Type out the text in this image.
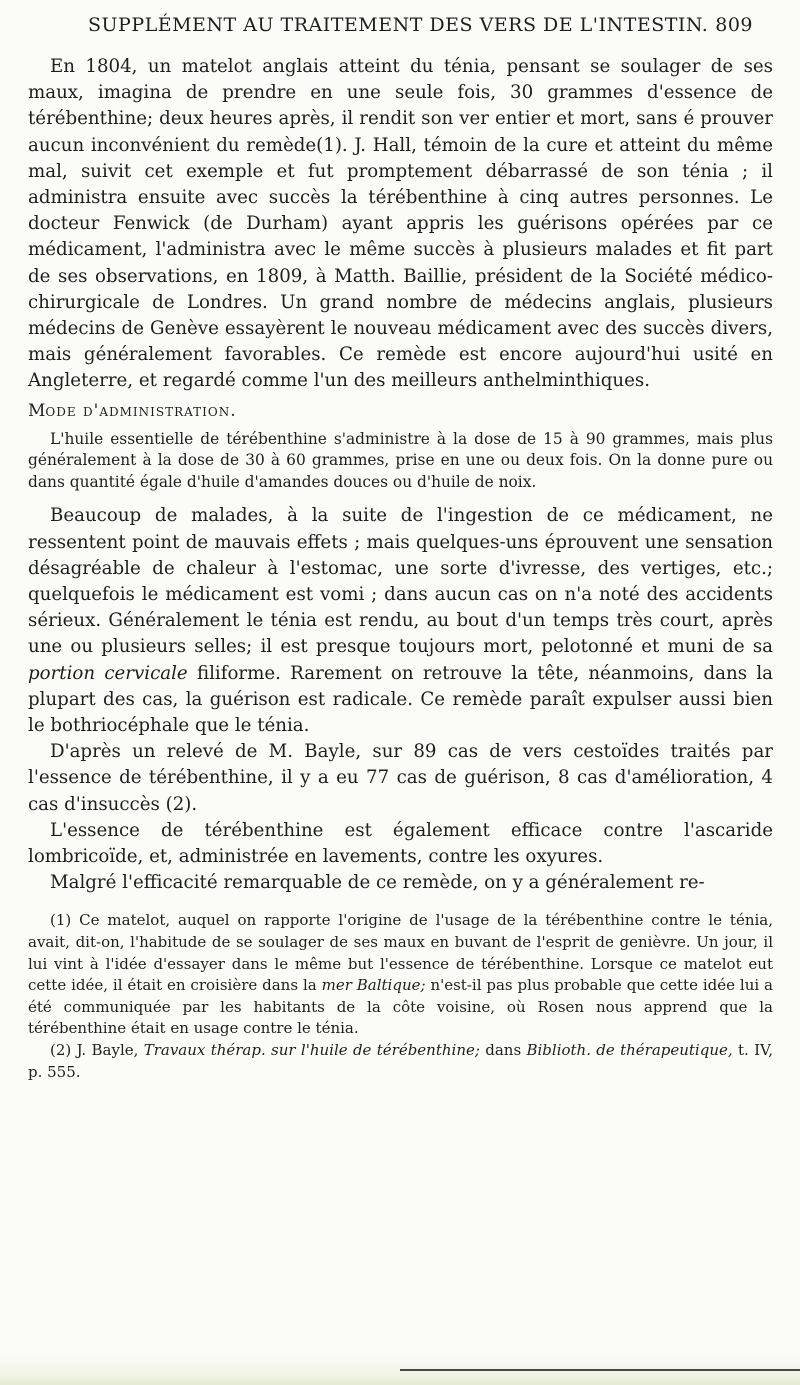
SUPPLÉMENT AU TRAITEMENT DES VERS DE L'INTESTIN. 809

En 1804, un matelot anglais atteint du ténia, pensant se soulager de ses maux, imagina de prendre en une seule fois, 30 grammes d'essence de térébenthine; deux heures après, il rendit son ver entier et mort, sans é prouver aucun inconvénient du remède(1). J. Hall, témoin de la cure et atteint du même mal, suivit cet exemple et fut promptement débarrassé de son ténia ; il administra ensuite avec succès la térébenthine à cinq autres personnes. Le docteur Fenwick (de Durham) ayant appris les guérisons opérées par ce médicament, l'administra avec le même succès à plusieurs malades et fit part de ses observations, en 1809, à Matth. Baillie, président de la Société médico-chirurgicale de Londres. Un grand nombre de médecins anglais, plusieurs médecins de Genève essayèrent le nouveau médicament avec des succès divers, mais généralement favorables. Ce remède est encore aujourd'hui usité en Angleterre, et regardé comme l'un des meilleurs anthelminthiques.

Mode d'administration.

L'huile essentielle de térébenthine s'administre à la dose de 15 à 90 grammes, mais plus généralement à la dose de 30 à 60 grammes, prise en une ou deux fois. On la donne pure ou dans quantité égale d'huile d'amandes douces ou d'huile de noix.

Beaucoup de malades, à la suite de l'ingestion de ce médicament, ne ressentent point de mauvais effets ; mais quelques-uns éprouvent une sensation désagréable de chaleur à l'estomac, une sorte d'ivresse, des vertiges, etc.; quelquefois le médicament est vomi ; dans aucun cas on n'a noté des accidents sérieux. Généralement le ténia est rendu, au bout d'un temps très court, après une ou plusieurs selles; il est presque toujours mort, pelotonné et muni de sa portion cervicale filiforme. Rarement on retrouve la tête, néanmoins, dans la plupart des cas, la guérison est radicale. Ce remède paraît expulser aussi bien le bothriocéphale que le ténia.

D'après un relevé de M. Bayle, sur 89 cas de vers cestoïdes traités par l'essence de térébenthine, il y a eu 77 cas de guérison, 8 cas d'amélioration, 4 cas d'insuccès (2).

L'essence de térébenthine est également efficace contre l'ascaride lombricoïde, et, administrée en lavements, contre les oxyures.

Malgré l'efficacité remarquable de ce remède, on y a généralement re-

(1) Ce matelot, auquel on rapporte l'origine de l'usage de la térébenthine contre le ténia, avait, dit-on, l'habitude de se soulager de ses maux en buvant de l'esprit de genièvre. Un jour, il lui vint à l'idée d'essayer dans le même but l'essence de térébenthine. Lorsque ce matelot eut cette idée, il était en croisière dans la mer Baltique; n'est-il pas plus probable que cette idée lui a été communiquée par les habitants de la côte voisine, où Rosen nous apprend que la térébenthine était en usage contre le ténia.

(2) J. Bayle, Travaux thérap. sur l'huile de térébenthine; dans Biblioth. de thérapeutique, t. IV, p. 555.
